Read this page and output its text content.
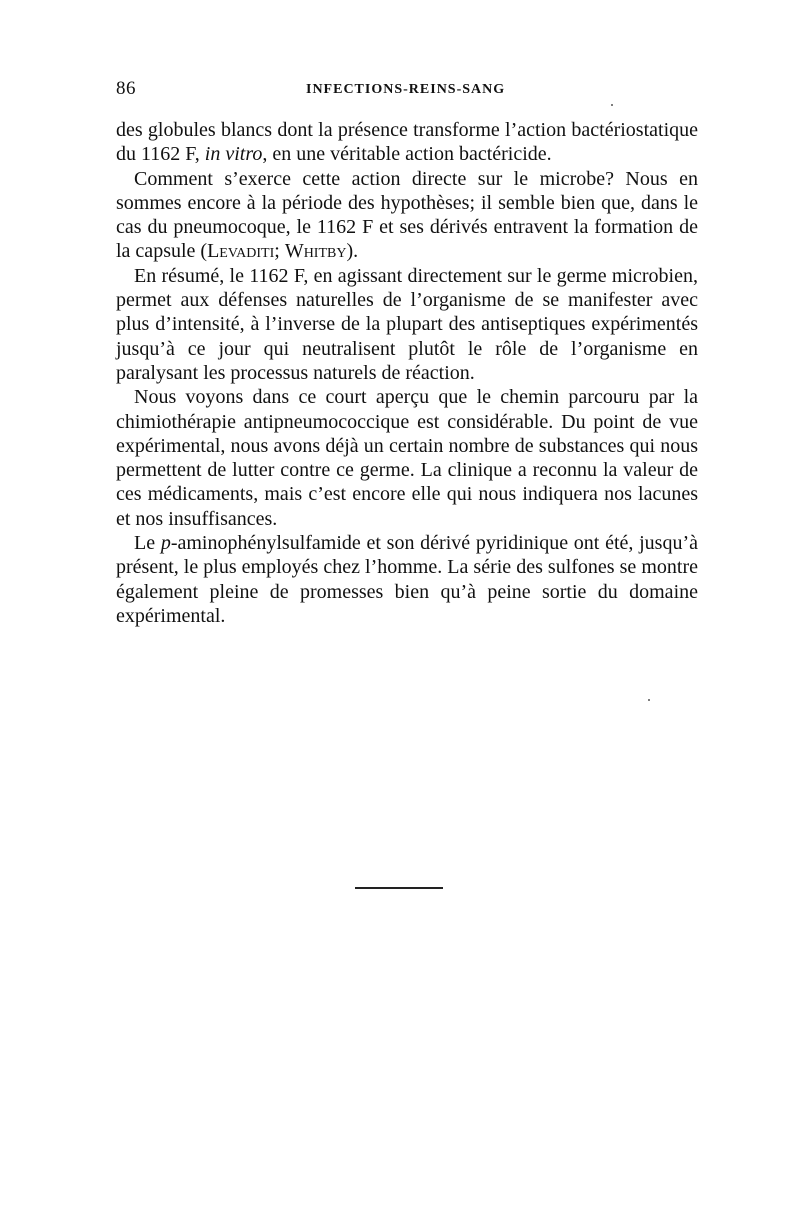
86	INFECTIONS-REINS-SANG

des globules blancs dont la présence transforme l’action bactériostatique du 1162 F, in vitro, en une véritable action bactéricide.

Comment s’exerce cette action directe sur le microbe? Nous en sommes encore à la période des hypothèses; il semble bien que, dans le cas du pneumocoque, le 1162 F et ses dérivés entravent la formation de la capsule (Levaditi; Whitby).

En résumé, le 1162 F, en agissant directement sur le germe microbien, permet aux défenses naturelles de l’organisme de se manifester avec plus d’intensité, à l’inverse de la plupart des antiseptiques expérimentés jusqu’à ce jour qui neutralisent plutôt le rôle de l’organisme en paralysant les processus naturels de réaction.

Nous voyons dans ce court aperçu que le chemin parcouru par la chimiothérapie antipneumococcique est considérable. Du point de vue expérimental, nous avons déjà un certain nombre de substances qui nous permettent de lutter contre ce germe. La clinique a reconnu la valeur de ces médicaments, mais c’est encore elle qui nous indiquera nos lacunes et nos insuffisances.

Le p-aminophénylsulfamide et son dérivé pyridinique ont été, jusqu’à présent, le plus employés chez l’homme. La série des sulfones se montre également pleine de promesses bien qu’à peine sortie du domaine expérimental.
